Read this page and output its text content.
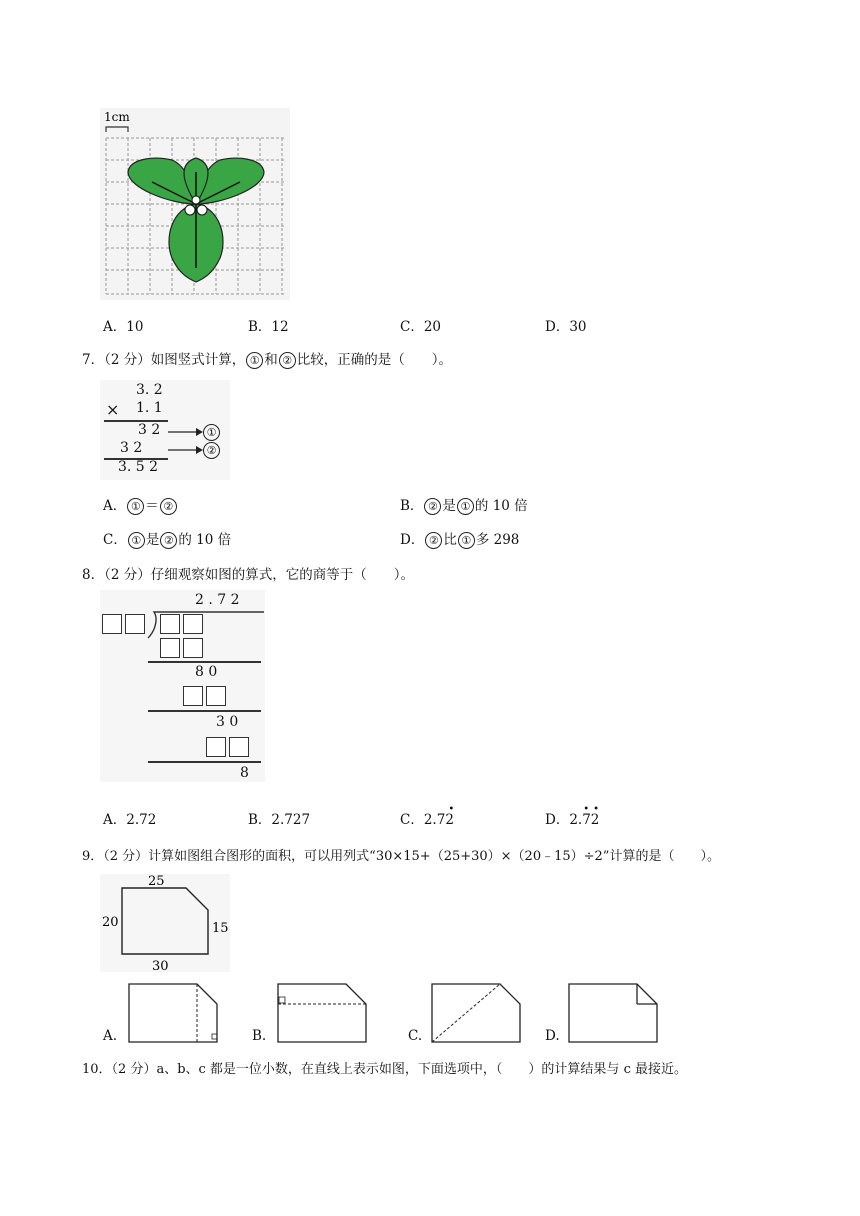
1cm
A．10	B．12	C．20	D．30
7．（2 分）如图竖式计算， ① 和 ② 比较，正确的是（　　）。
3. 2
× 1. 1
3 2
3 2
3. 5 2
①
②
A． ① ＝ ②	B． ② 是 ① 的 10 倍
C． ① 是 ② 的 10 倍	D． ② 比 ① 多 298
8．（2 分）仔细观察如图的算式，它的商等于（　　）。
2 . 7 2
8 0
3 0
8
A．2.72	B．2.727	C．2.7
•
2	D．2.
••
72
9．（2 分）计算如图组合图形的面积，可以用列式“30×15+（25+30）×（20﹣15）÷2”计算的是（　　）。
25
20	15
30
A.	B.	C.	D.
10．（2 分）a、b、c 都是一位小数，在直线上表示如图，下面选项中，（　　）的计算结果与 c 最接近。
